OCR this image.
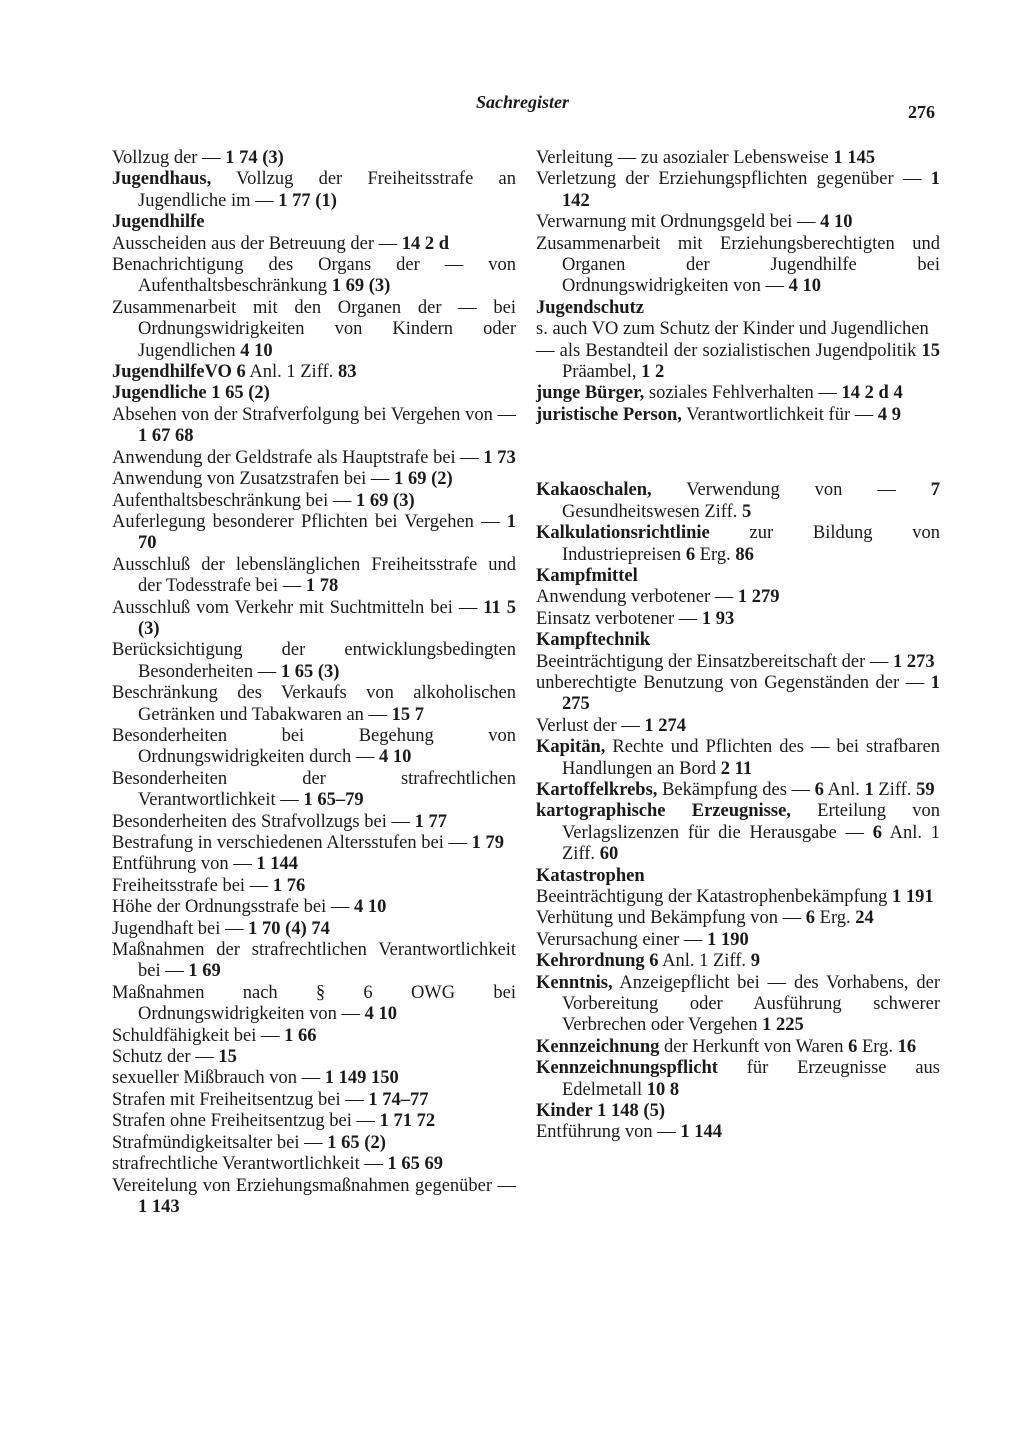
Sachregister	276
Vollzug der — 1 74 (3)
Jugendhaus, Vollzug der Freiheitsstrafe an Jugendliche im — 1 77 (1)
Jugendhilfe
Ausscheiden aus der Betreuung der — 14 2 d
Benachrichtigung des Organs der — von Aufenthaltsbeschränkung 1 69 (3)
Zusammenarbeit mit den Organen der — bei Ordnungswidrigkeiten von Kindern oder Jugendlichen 4 10
JugendhilfeVO 6 Anl. 1 Ziff. 83
Jugendliche 1 65 (2)
Absehen von der Strafverfolgung bei Vergehen von — 1 67 68
Anwendung der Geldstrafe als Hauptstrafe bei — 1 73
Anwendung von Zusatzstrafen bei — 1 69 (2)
Aufenthaltsbeschränkung bei — 1 69 (3)
Auferlegung besonderer Pflichten bei Vergehen — 1 70
Ausschluß der lebenslänglichen Freiheitsstrafe und der Todesstrafe bei — 1 78
Ausschluß vom Verkehr mit Suchtmitteln bei — 11 5 (3)
Berücksichtigung der entwicklungsbedingten Besonderheiten — 1 65 (3)
Beschränkung des Verkaufs von alkoholischen Getränken und Tabakwaren an — 15 7
Besonderheiten bei Begehung von Ordnungswidrigkeiten durch — 4 10
Besonderheiten der strafrechtlichen Verantwortlichkeit — 1 65–79
Besonderheiten des Strafvollzugs bei — 1 77
Bestrafung in verschiedenen Altersstufen bei — 1 79
Entführung von — 1 144
Freiheitsstrafe bei — 1 76
Höhe der Ordnungsstrafe bei — 4 10
Jugendhaft bei — 1 70 (4) 74
Maßnahmen der strafrechtlichen Verantwortlichkeit bei — 1 69
Maßnahmen nach § 6 OWG bei Ordnungswidrigkeiten von — 4 10
Schuldfähigkeit bei — 1 66
Schutz der — 15
sexueller Mißbrauch von — 1 149 150
Strafen mit Freiheitsentzug bei — 1 74–77
Strafen ohne Freiheitsentzug bei — 1 71 72
Strafmündigkeitsalter bei — 1 65 (2)
strafrechtliche Verantwortlichkeit — 1 65 69
Vereitelung von Erziehungsmaßnahmen gegenüber — 1 143
Verleitung — zu asozialer Lebensweise 1 145
Verletzung der Erziehungspflichten gegenüber — 1 142
Verwarnung mit Ordnungsgeld bei — 4 10
Zusammenarbeit mit Erziehungsberechtigten und Organen der Jugendhilfe bei Ordnungswidrigkeiten von — 4 10
Jugendschutz
s. auch VO zum Schutz der Kinder und Jugendlichen
— als Bestandteil der sozialistischen Jugendpolitik 15 Präambel, 1 2
junge Bürger, soziales Fehlverhalten — 14 2 d 4
juristische Person, Verantwortlichkeit für — 4 9
Kakaoschalen, Verwendung von — 7 Gesundheitswesen Ziff. 5
Kalkulationsrichtlinie zur Bildung von Industriepreisen 6 Erg. 86
Kampfmittel
Anwendung verbotener — 1 279
Einsatz verbotener — 1 93
Kampftechnik
Beeinträchtigung der Einsatzbereitschaft der — 1 273
unberechtigte Benutzung von Gegenständen der — 1 275
Verlust der — 1 274
Kapitän, Rechte und Pflichten des — bei strafbaren Handlungen an Bord 2 11
Kartoffelkrebs, Bekämpfung des — 6 Anl. 1 Ziff. 59
kartographische Erzeugnisse, Erteilung von Verlagslizenzen für die Herausgabe — 6 Anl. 1 Ziff. 60
Katastrophen
Beeinträchtigung der Katastrophenbekämpfung 1 191
Verhütung und Bekämpfung von — 6 Erg. 24
Verursachung einer — 1 190
Kehrordnung 6 Anl. 1 Ziff. 9
Kenntnis, Anzeigepflicht bei — des Vorhabens, der Vorbereitung oder Ausführung schwerer Verbrechen oder Vergehen 1 225
Kennzeichnung der Herkunft von Waren 6 Erg. 16
Kennzeichnungspflicht für Erzeugnisse aus Edelmetall 10 8
Kinder 1 148 (5)
Entführung von — 1 144
